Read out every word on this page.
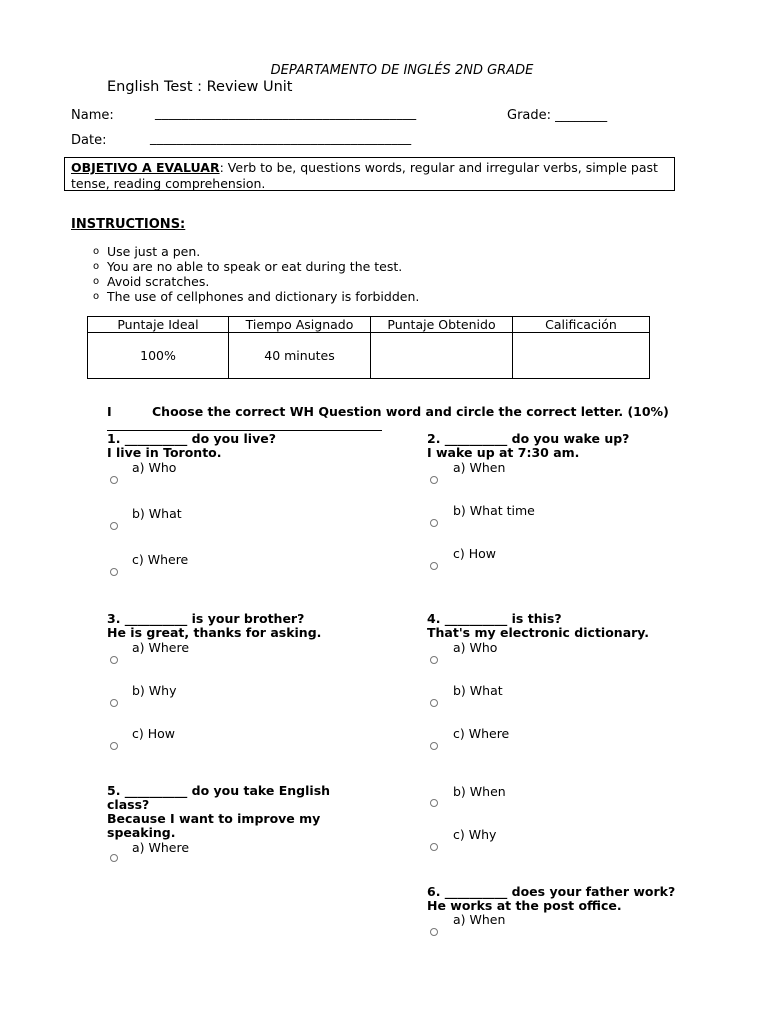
DEPARTAMENTO DE INGLÉS 2ND GRADE
English Test : Review Unit
Name:	_______________________________________	Grade: ________
Date:	_______________________________________
OBJETIVO A EVALUAR: Verb to be, questions words, regular and irregular verbs, simple past tense, reading comprehension.
INSTRUCTIONS:
o Use just a pen.
o You are no able to speak or eat during the test.
o Avoid scratches.
o The use of cellphones and dictionary is forbidden.
Puntaje Ideal	Tiempo Asignado	Puntaje Obtenido	Calificación
100%	40 minutes		
I	Choose the correct WH Question word and circle the correct letter. (10%)
1. __________ do you live?
I live in Toronto.
a) Who
b) What
c) Where
2. __________ do you wake up?
I wake up at 7:30 am.
a) When
b) What time
c) How
3. __________ is your brother?
He is great, thanks for asking.
a) Where
b) Why
c) How
4. __________ is this?
That's my electronic dictionary.
a) Who
b) What
c) Where
5. __________ do you take English
class?
Because I want to improve my
speaking.
a) Where
b) When
c) Why
6. __________ does your father work?
He works at the post office.
a) When
